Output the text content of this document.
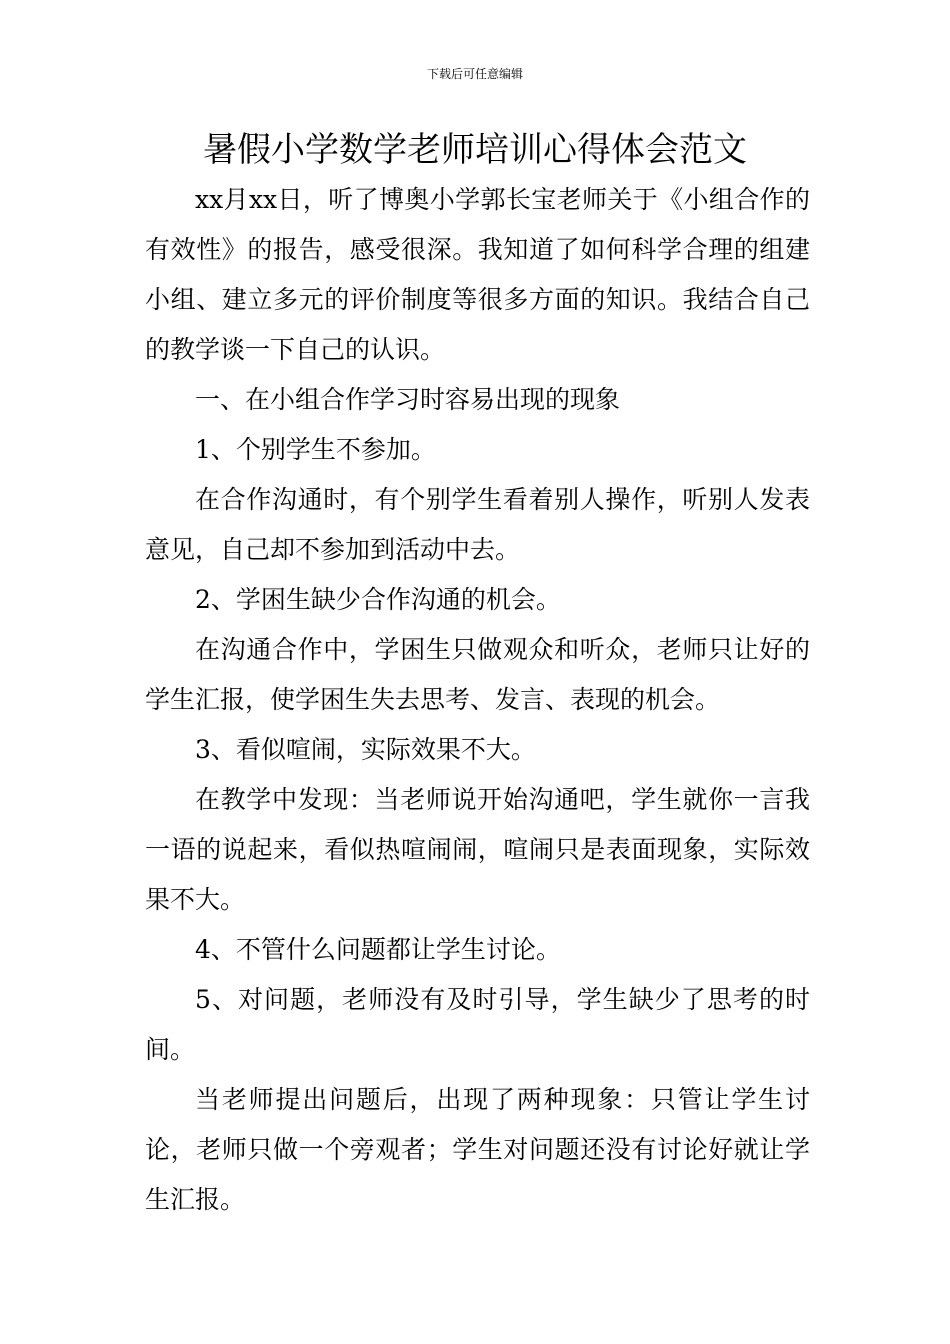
下载后可任意编辑
暑假小学数学老师培训心得体会范文

xx月xx日，听了博奥小学郭长宝老师关于《小组合作的有效性》的报告，感受很深。我知道了如何科学合理的组建小组、建立多元的评价制度等很多方面的知识。我结合自己的教学谈一下自己的认识。

一、在小组合作学习时容易出现的现象

1、个别学生不参加。

在合作沟通时，有个别学生看着别人操作，听别人发表意见，自己却不参加到活动中去。

2、学困生缺少合作沟通的机会。

在沟通合作中，学困生只做观众和听众，老师只让好的学生汇报，使学困生失去思考、发言、表现的机会。

3、看似喧闹，实际效果不大。

在教学中发现：当老师说开始沟通吧，学生就你一言我一语的说起来，看似热喧闹闹，喧闹只是表面现象，实际效果不大。

4、不管什么问题都让学生讨论。

5、对问题，老师没有及时引导，学生缺少了思考的时间。

当老师提出问题后，出现了两种现象：只管让学生讨论，老师只做一个旁观者；学生对问题还没有讨论好就让学生汇报。
